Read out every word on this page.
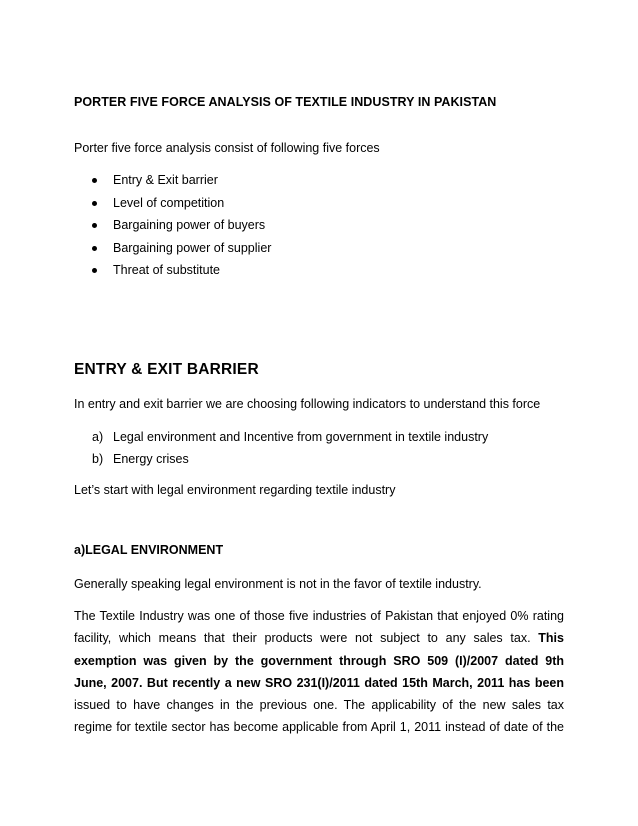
PORTER FIVE FORCE ANALYSIS OF TEXTILE INDUSTRY IN PAKISTAN

Porter five force analysis consist of following five forces

Entry & Exit barrier
Level of competition
Bargaining power of buyers
Bargaining power of supplier
Threat of substitute

ENTRY & EXIT BARRIER

In entry and exit barrier we are choosing following indicators to understand this force

a) Legal environment and Incentive from government in textile industry
b) Energy crises

Let’s start with legal environment regarding textile industry

a)LEGAL ENVIRONMENT

Generally speaking legal environment is not in the favor of textile industry.

The Textile Industry was one of those five industries of Pakistan that enjoyed 0% rating
facility, which means that their products were not subject to any sales tax. This
exemption was given by the government through SRO 509 (I)/2007 dated 9th
June, 2007. But recently a new SRO 231(I)/2011 dated 15th March, 2011 has been
issued to have changes in the previous one. The applicability of the new sales tax
regime for textile sector has become applicable from April 1, 2011 instead of date of the
